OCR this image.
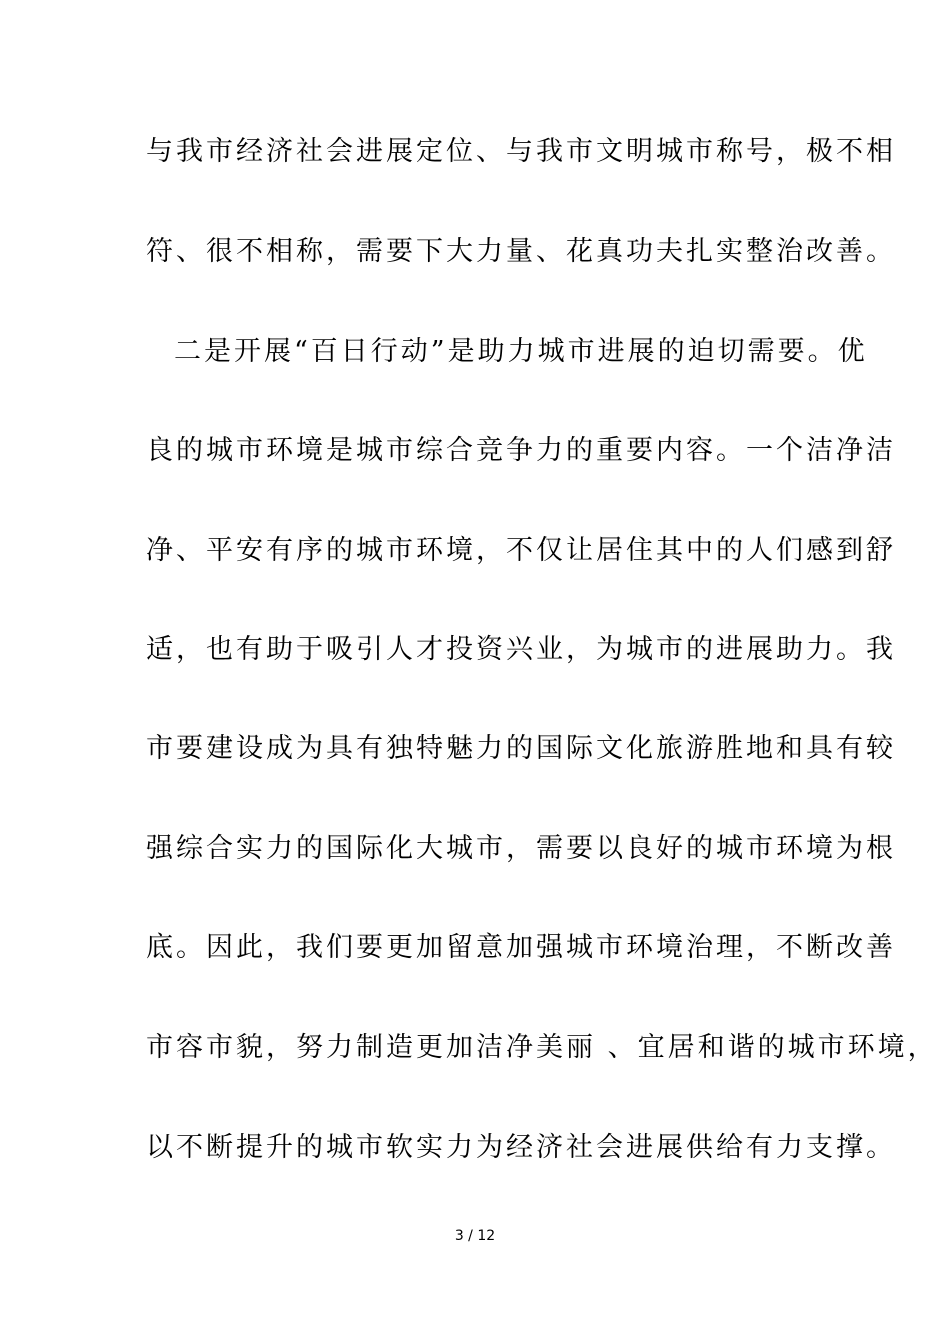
与我市经济社会进展定位、与我市文明城市称号，极不相
符、很不相称，需要下大力量、花真功夫扎实整治改善。
二是开展“百日行动”是助力城市进展的迫切需要。优
良的城市环境是城市综合竞争力的重要内容。一个洁净洁
净、平安有序的城市环境，不仅让居住其中的人们感到舒
适，也有助于吸引人才投资兴业，为城市的进展助力。我
市要建设成为具有独特魅力的国际文化旅游胜地和具有较
强综合实力的国际化大城市，需要以良好的城市环境为根
底。因此，我们要更加留意加强城市环境治理，不断改善
市容市貌，努力制造更加洁净美丽 、宜居和谐的城市环境，
以不断提升的城市软实力为经济社会进展供给有力支撑。
3 / 12
